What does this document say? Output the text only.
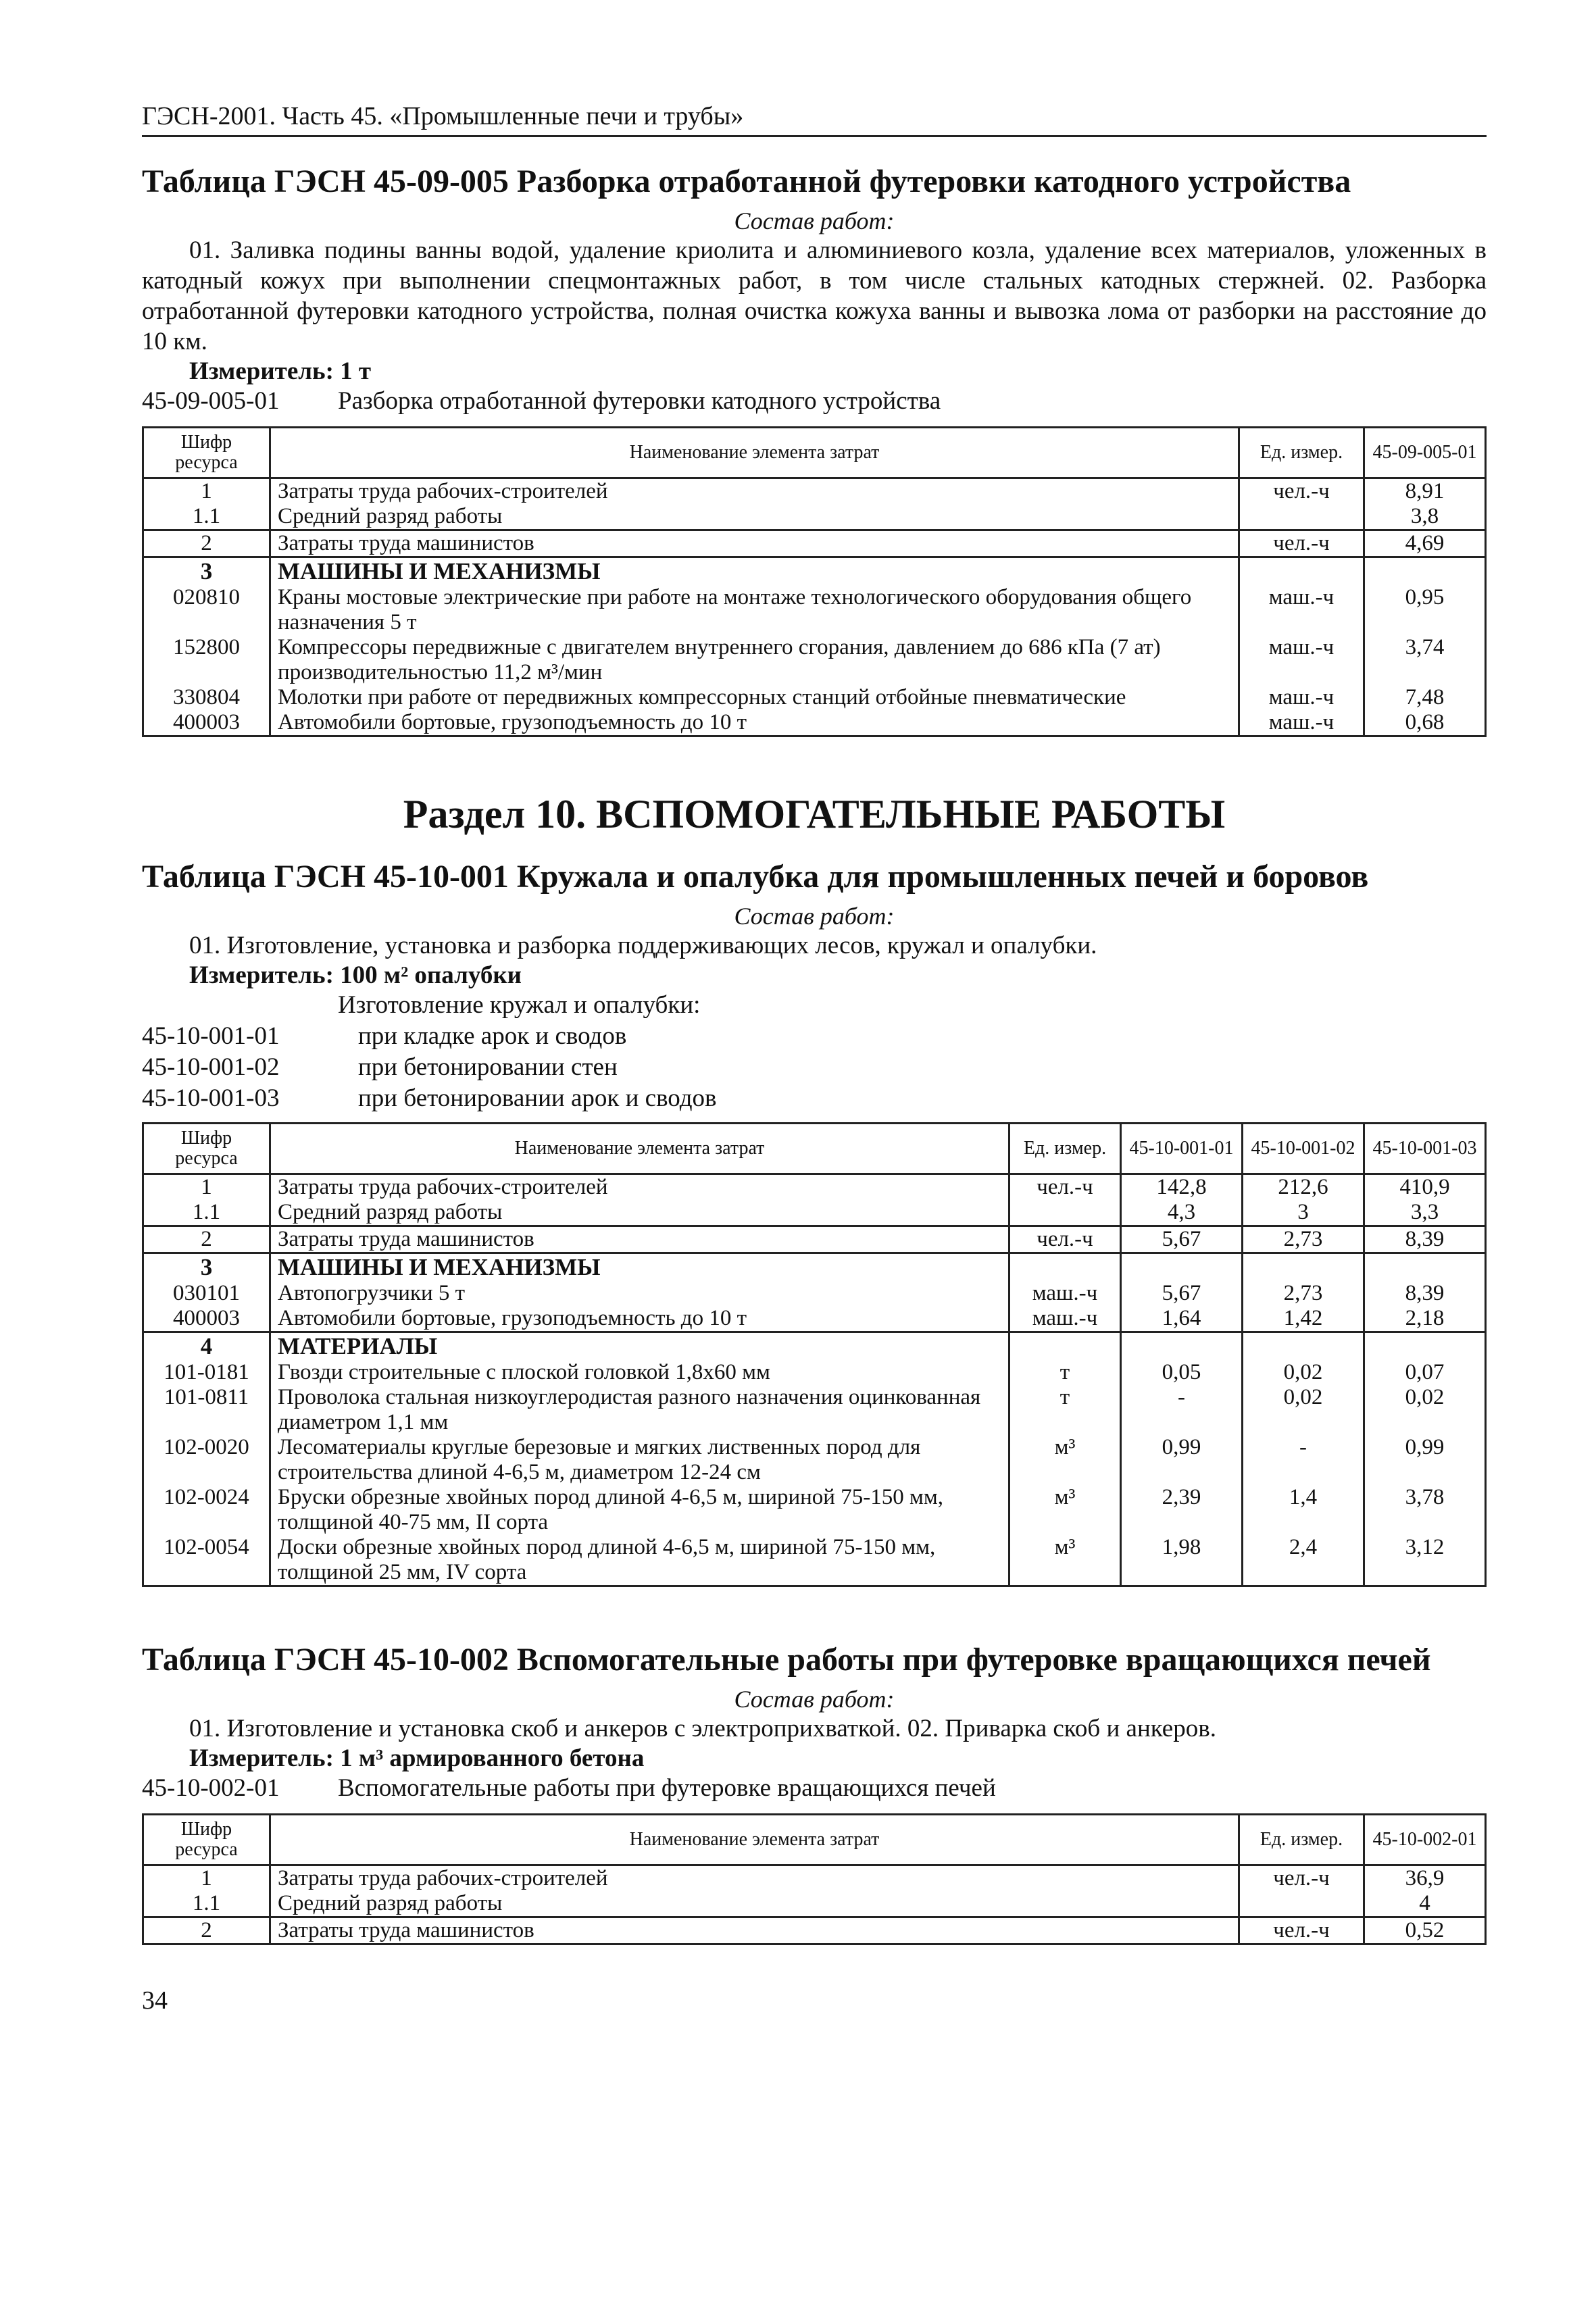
ГЭСН-2001. Часть 45. «Промышленные печи и трубы»
Таблица ГЭСН 45-09-005 Разборка отработанной футеровки катодного устройства
Состав работ:
01. Заливка подины ванны водой, удаление криолита и алюминиевого козла, удаление всех материалов, уложенных в катодный кожух при выполнении спецмонтажных работ, в том числе стальных катодных стержней. 02. Разборка отработанной футеровки катодного устройства, полная очистка кожуха ванны и вывозка лома от разборки на расстояние до 10 км.
Измеритель: 1 т
45-09-005-01 Разборка отработанной футеровки катодного устройства
Шифр ресурса	Наименование элемента затрат	Ед. измер.	45-09-005-01
1	Затраты труда рабочих-строителей	чел.-ч	8,91
1.1	Средний разряд работы		3,8
2	Затраты труда машинистов	чел.-ч	4,69
3	МАШИНЫ И МЕХАНИЗМЫ		
020810	Краны мостовые электрические при работе на монтаже технологического оборудования общего назначения 5 т	маш.-ч	0,95
152800	Компрессоры передвижные с двигателем внутреннего сгорания, давлением до 686 кПа (7 ат) производительностью 11,2 м³/мин	маш.-ч	3,74
330804	Молотки при работе от передвижных компрессорных станций отбойные пневматические	маш.-ч	7,48
400003	Автомобили бортовые, грузоподъемность до 10 т	маш.-ч	0,68
Раздел 10. ВСПОМОГАТЕЛЬНЫЕ РАБОТЫ
Таблица ГЭСН 45-10-001 Кружала и опалубка для промышленных печей и боровов
Состав работ:
01. Изготовление, установка и разборка поддерживающих лесов, кружал и опалубки.
Измеритель: 100 м² опалубки
Изготовление кружал и опалубки:
45-10-001-01	при кладке арок и сводов
45-10-001-02	при бетонировании стен
45-10-001-03	при бетонировании арок и сводов
Шифр ресурса	Наименование элемента затрат	Ед. измер.	45-10-001-01	45-10-001-02	45-10-001-03
1	Затраты труда рабочих-строителей	чел.-ч	142,8	212,6	410,9
1.1	Средний разряд работы		4,3	3	3,3
2	Затраты труда машинистов	чел.-ч	5,67	2,73	8,39
3	МАШИНЫ И МЕХАНИЗМЫ				
030101	Автопогрузчики 5 т	маш.-ч	5,67	2,73	8,39
400003	Автомобили бортовые, грузоподъемность до 10 т	маш.-ч	1,64	1,42	2,18
4	МАТЕРИАЛЫ				
101-0181	Гвозди строительные с плоской головкой 1,8х60 мм	т	0,05	0,02	0,07
101-0811	Проволока стальная низкоуглеродистая разного назначения оцинкованная диаметром 1,1 мм	т	-	0,02	0,02
102-0020	Лесоматериалы круглые березовые и мягких лиственных пород для строительства длиной 4-6,5 м, диаметром 12-24 см	м³	0,99	-	0,99
102-0024	Бруски обрезные хвойных пород длиной 4-6,5 м, шириной 75-150 мм, толщиной 40-75 мм, II сорта	м³	2,39	1,4	3,78
102-0054	Доски обрезные хвойных пород длиной 4-6,5 м, шириной 75-150 мм, толщиной 25 мм, IV сорта	м³	1,98	2,4	3,12
Таблица ГЭСН 45-10-002 Вспомогательные работы при футеровке вращающихся печей
Состав работ:
01. Изготовление и установка скоб и анкеров с электроприхваткой. 02. Приварка скоб и анкеров.
Измеритель: 1 м³ армированного бетона
45-10-002-01 Вспомогательные работы при футеровке вращающихся печей
Шифр ресурса	Наименование элемента затрат	Ед. измер.	45-10-002-01
1	Затраты труда рабочих-строителей	чел.-ч	36,9
1.1	Средний разряд работы		4
2	Затраты труда машинистов	чел.-ч	0,52
34
